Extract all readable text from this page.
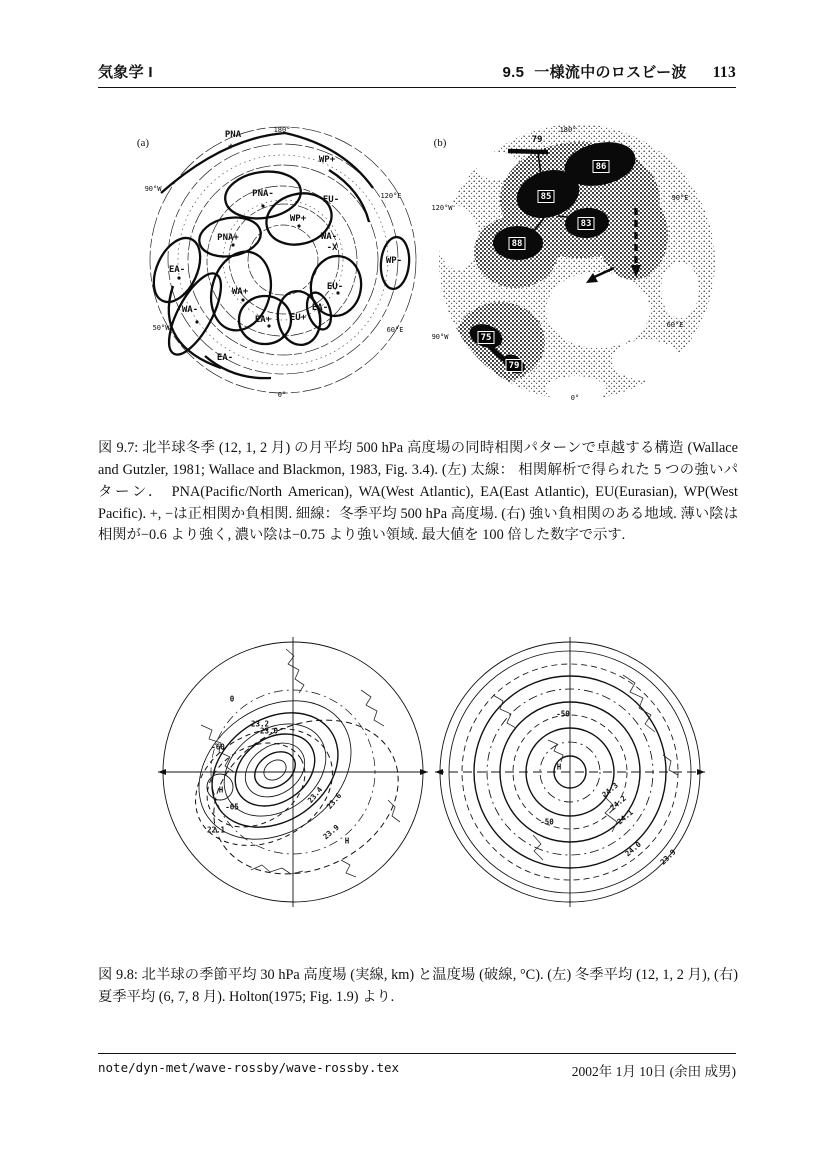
気象学 I	9.5 一様流中のロスビー波 113
(a)
PNA
+
180°
WP+
90°W	PNA-
EU-
WP+
120°E
WA-
-X
PNA+
WP-
EA-
EU-
WA+
WA-
EA+ EU+
EA-
50°W	60°E
EA-
0°
(b)
180°
79
120°W
90°E
86
85
83
88
75
79
60°E
90°W
0°

図 9.7: 北半球冬季 (12, 1, 2 月) の月平均 500 hPa 高度場の同時相関パターンで卓越する構造 (Wallace and Gutzler, 1981; Wallace and Blackmon, 1983, Fig. 3.4). (左) 太線： 相関解析で得られた 5 つの強いパターン． PNA(Pacific/North American), WA(West Atlantic), EA(East Atlantic), EU(Eurasian), WP(West Pacific). +, −は正相関か負相関. 細線：冬季平均 500 hPa 高度場. (右) 強い負相関のある地域. 薄い陰は相関が−0.6 より強く, 濃い陰は−0.75 より強い領域. 最大値を 100 倍した数字で示す.

0
23.2
23.0
-60
H
-65
23.4 23.6
22.1	23.9 H
-50
H
24.3
24.2
24.1
-50
24.0 23.9

図 9.8: 北半球の季節平均 30 hPa 高度場 (実線, km) と温度場 (破線, °C). (左) 冬季平均 (12, 1, 2 月), (右) 夏季平均 (6, 7, 8 月). Holton(1975; Fig. 1.9) より.

note/dyn-met/wave-rossby/wave-rossby.tex	2002年 1月 10日 (余田 成男)
